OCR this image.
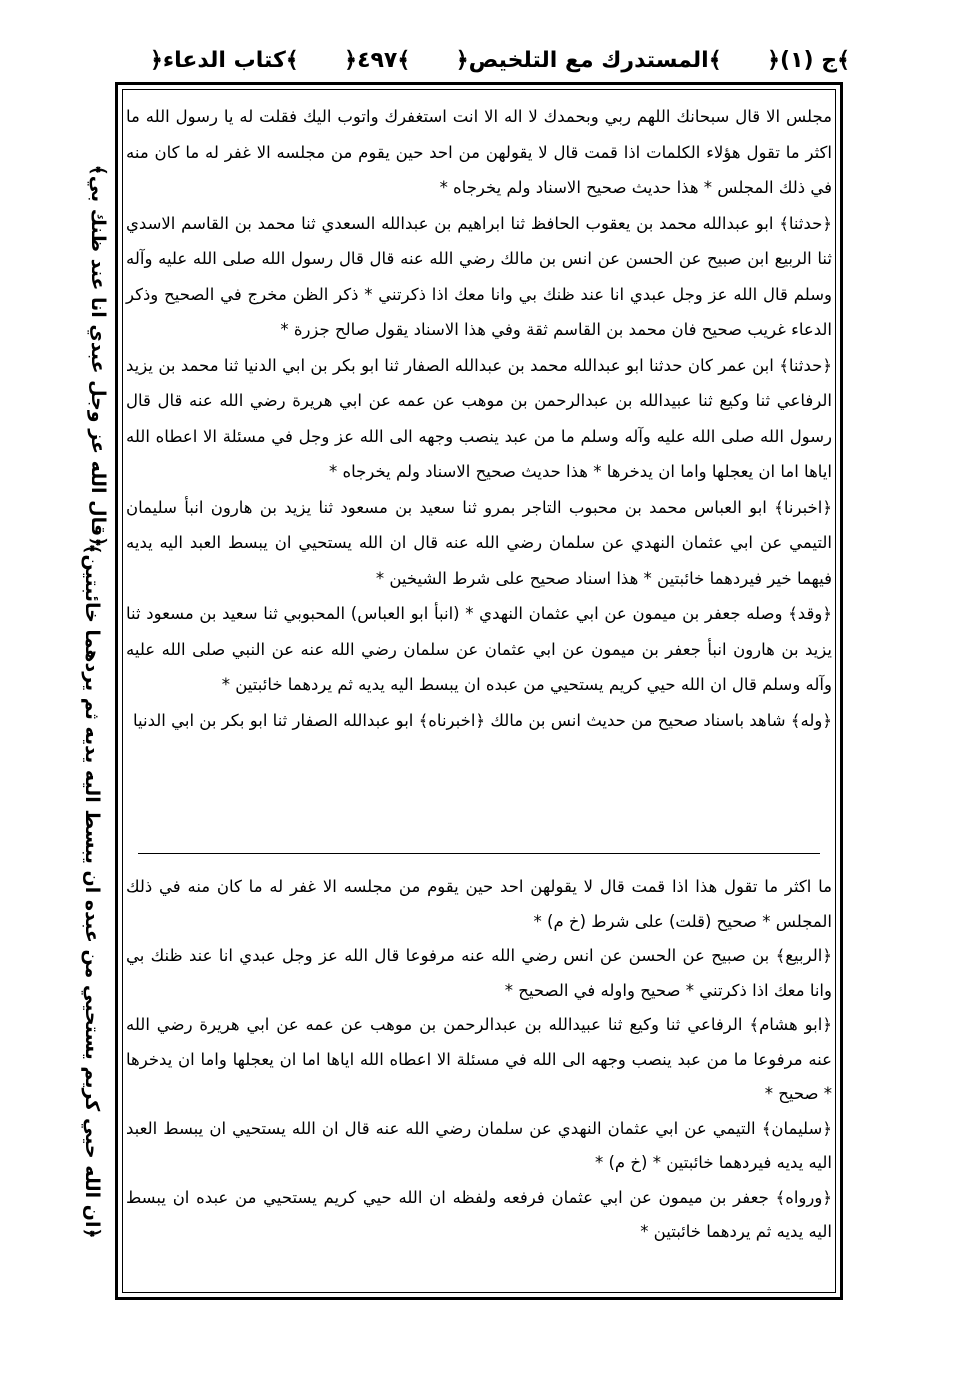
﴿كتاب الدعاء﴾ ﴿٤٩٧﴾ ﴿المستدرك مع التلخيص﴾ ﴿ج (١)﴾
﴿قال الله عز وجل عبدي انا عند ظنك بي﴾
﴿ان الله حيي كريم يستحيي من عبده ان يبسط اليه يديه ثم يردهما خائبتين﴾

مجلس الا قال سبحانك اللهم ربي وبحمدك لا اله الا انت استغفرك واتوب اليك فقلت له يا رسول الله ما اكثر ما تقول هؤلاء الكلمات اذا قمت قال لا يقولهن من احد حين يقوم من مجلسه الا غفر له ما كان منه في ذلك المجلس * هذا حديث صحيح الاسناد ولم يخرجاه *

﴿حدثنا﴾ ابو عبدالله محمد بن يعقوب الحافظ ثنا ابراهيم بن عبدالله السعدي ثنا محمد بن القاسم الاسدي ثنا الربيع ابن صبيح عن الحسن عن انس بن مالك رضي الله عنه قال قال رسول الله صلى الله عليه وآله وسلم قال الله عز وجل عبدي انا عند ظنك بي وانا معك اذا ذكرتني * ذكر الظن مخرج في الصحيح وذكر الدعاء غريب صحيح فان محمد بن القاسم ثقة وفي هذا الاسناد يقول صالح جزرة *

﴿حدثنا﴾ ابن عمر كان حدثنا ابو عبدالله محمد بن عبدالله الصفار ثنا ابو بكر بن ابي الدنيا ثنا محمد بن يزيد الرفاعي ثنا وكيع ثنا عبيدالله بن عبدالرحمن بن موهب عن عمه عن ابي هريرة رضي الله عنه قال قال رسول الله صلى الله عليه وآله وسلم ما من عبد ينصب وجهه الى الله عز وجل في مسئلة الا اعطاه الله اياها اما ان يعجلها واما ان يدخرها * هذا حديث صحيح الاسناد ولم يخرجاه *

﴿اخبرنا﴾ ابو العباس محمد بن محبوب التاجر بمرو ثنا سعيد بن مسعود ثنا يزيد بن هارون انبأ سليمان التيمي عن ابي عثمان النهدي عن سلمان رضي الله عنه قال ان الله يستحيي ان يبسط العبد اليه يديه فيهما خير فيردهما خائبتين * هذا اسناد صحيح على شرط الشيخين *

﴿وقد﴾ وصله جعفر بن ميمون عن ابي عثمان النهدي * (انبأ ابو العباس) المحبوبي ثنا سعيد بن مسعود ثنا يزيد بن هارون انبأ جعفر بن ميمون عن ابي عثمان عن سلمان رضي الله عنه عن النبي صلى الله عليه وآله وسلم قال ان الله حيي كريم يستحيي من عبده ان يبسط اليه يديه ثم يردهما خائبتين *

﴿وله﴾ شاهد باسناد صحيح من حديث انس بن مالك ﴿اخبرناه﴾ ابو عبدالله الصفار ثنا ابو بكر بن ابي الدنيا

ما اكثر ما تقول هذا اذا قمت قال لا يقولهن احد حين يقوم من مجلسه الا غفر له ما كان منه في ذلك المجلس * صحيح (قلت) على شرط (خ م) *

﴿الربيع﴾ بن صبيح عن الحسن عن انس رضي الله عنه مرفوعا قال الله عز وجل عبدي انا عند ظنك بي وانا معك اذا ذكرتني * صحيح واوله في الصحيح *

﴿ابو هشام﴾ الرفاعي ثنا وكيع ثنا عبيدالله بن عبدالرحمن بن موهب عن عمه عن ابي هريرة رضي الله عنه مرفوعا ما من عبد ينصب وجهه الى الله في مسئلة الا اعطاه الله اياها اما ان يعجلها واما ان يدخرها * صحيح *

﴿سليمان﴾ التيمي عن ابي عثمان النهدي عن سلمان رضي الله عنه قال ان الله يستحيي ان يبسط العبد اليه يديه فيردهما خائبتين * (خ م) *

﴿ورواه﴾ جعفر بن ميمون عن ابي عثمان فرفعه ولفظه ان الله حيي كريم يستحيي من عبده ان يبسط اليه يديه ثم يردهما خائبتين *
